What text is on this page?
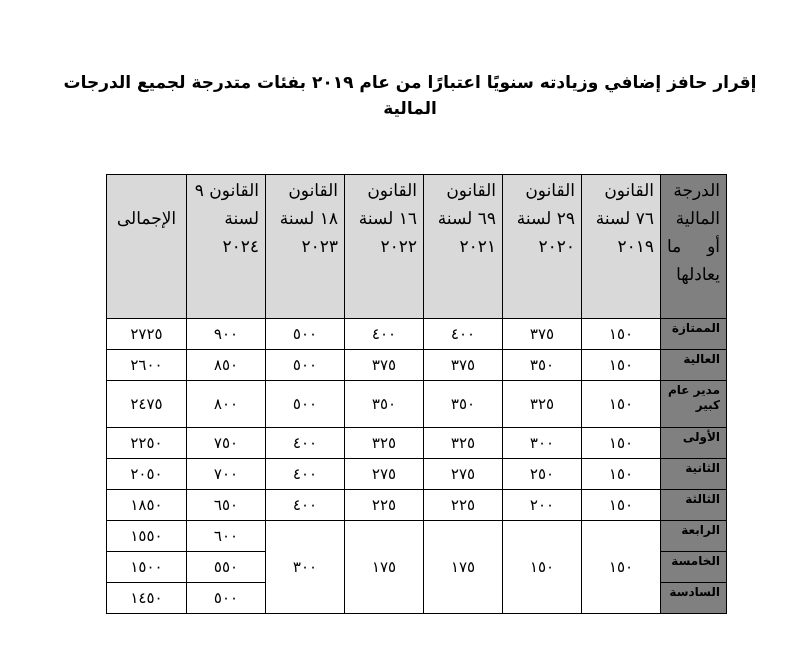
إقرار حافز إضافي وزيادته سنويًا اعتبارًا من عام ٢٠١٩ بفئات متدرجة لجميع الدرجات المالية
الدرجة المالية أو ما يعادلها	القانون ٧٦ لسنة ٢٠١٩	القانون ٢٩ لسنة ٢٠٢٠	القانون ٦٩ لسنة ٢٠٢١	القانون ١٦ لسنة ٢٠٢٢	القانون ١٨ لسنة ٢٠٢٣	القانون ٩ لسنة ٢٠٢٤	الإجمالى
الممتازة	١٥٠	٣٧٥	٤٠٠	٤٠٠	٥٠٠	٩٠٠	٢٧٢٥
العالية	١٥٠	٣٥٠	٣٧٥	٣٧٥	٥٠٠	٨٥٠	٢٦٠٠
مدير عام كبير	١٥٠	٣٢٥	٣٥٠	٣٥٠	٥٠٠	٨٠٠	٢٤٧٥
الأولى	١٥٠	٣٠٠	٣٢٥	٣٢٥	٤٠٠	٧٥٠	٢٢٥٠
الثانية	١٥٠	٢٥٠	٢٧٥	٢٧٥	٤٠٠	٧٠٠	٢٠٥٠
الثالثة	١٥٠	٢٠٠	٢٢٥	٢٢٥	٤٠٠	٦٥٠	١٨٥٠
الرابعة	١٥٠	١٥٠	١٧٥	١٧٥	٣٠٠	٦٠٠	١٥٥٠
الخامسة						٥٥٠	١٥٠٠
السادسة						٥٠٠	١٤٥٠
